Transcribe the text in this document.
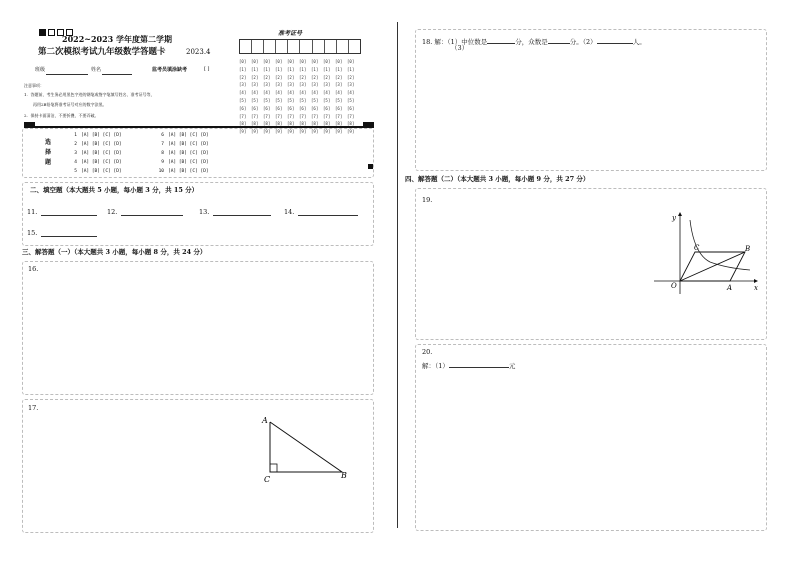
2022~2023 学年度第二学期
第二次模拟考试九年级数学答题卡	2023.4
准考证号
[0] [0] [0] [0] [0] [0] [0] [0] [0] [0]
[1] [1] [1] [1] [1] [1] [1] [1] [1] [1]
[2] [2] [2] [2] [2] [2] [2] [2] [2] [2]
[3] [3] [3] [3] [3] [3] [3] [3] [3] [3]
[4] [4] [4] [4] [4] [4] [4] [4] [4] [4]
[5] [5] [5] [5] [5] [5] [5] [5] [5] [5]
[6] [6] [6] [6] [6] [6] [6] [6] [6] [6]
[7] [7] [7] [7] [7] [7] [7] [7] [7] [7]
[8] [8] [8] [8] [8] [8] [8] [8] [8] [8]
[9] [9] [9] [9] [9] [9] [9] [9] [9] [9]
班级	姓名	监考员填涂缺考	[ ]
注意事项：
1．答题前，考生务必用黑色字迹的钢笔或签字笔填写姓名、准考证号等，
再用2B铅笔将准考证号对应的数字涂黑。
2．保持卡面清洁，不要折叠，不要弄破。
选
择
题
1 [A] [B] [C] [D]
2 [A] [B] [C] [D]
3 [A] [B] [C] [D]
4 [A] [B] [C] [D]
5 [A] [B] [C] [D]
6 [A] [B] [C] [D]
7 [A] [B] [C] [D]
8 [A] [B] [C] [D]
9 [A] [B] [C] [D]
10 [A] [B] [C] [D]
二、填空题（本大题共 5 小题，每小题 3 分，共 15 分）
11.	12.	13.	14.
15.
三、解答题（一）（本大题共 3 小题，每小题 8 分，共 24 分）
16.
17.
A
B
C
18. 解：（1）中位数是	分，众数是	分。（2）	人。
（3）
四、解答题（二）（本大题共 3 小题，每小题 9 分，共 27 分）
19.
y
x
O	A
B
C
20.
解：（1）	元
